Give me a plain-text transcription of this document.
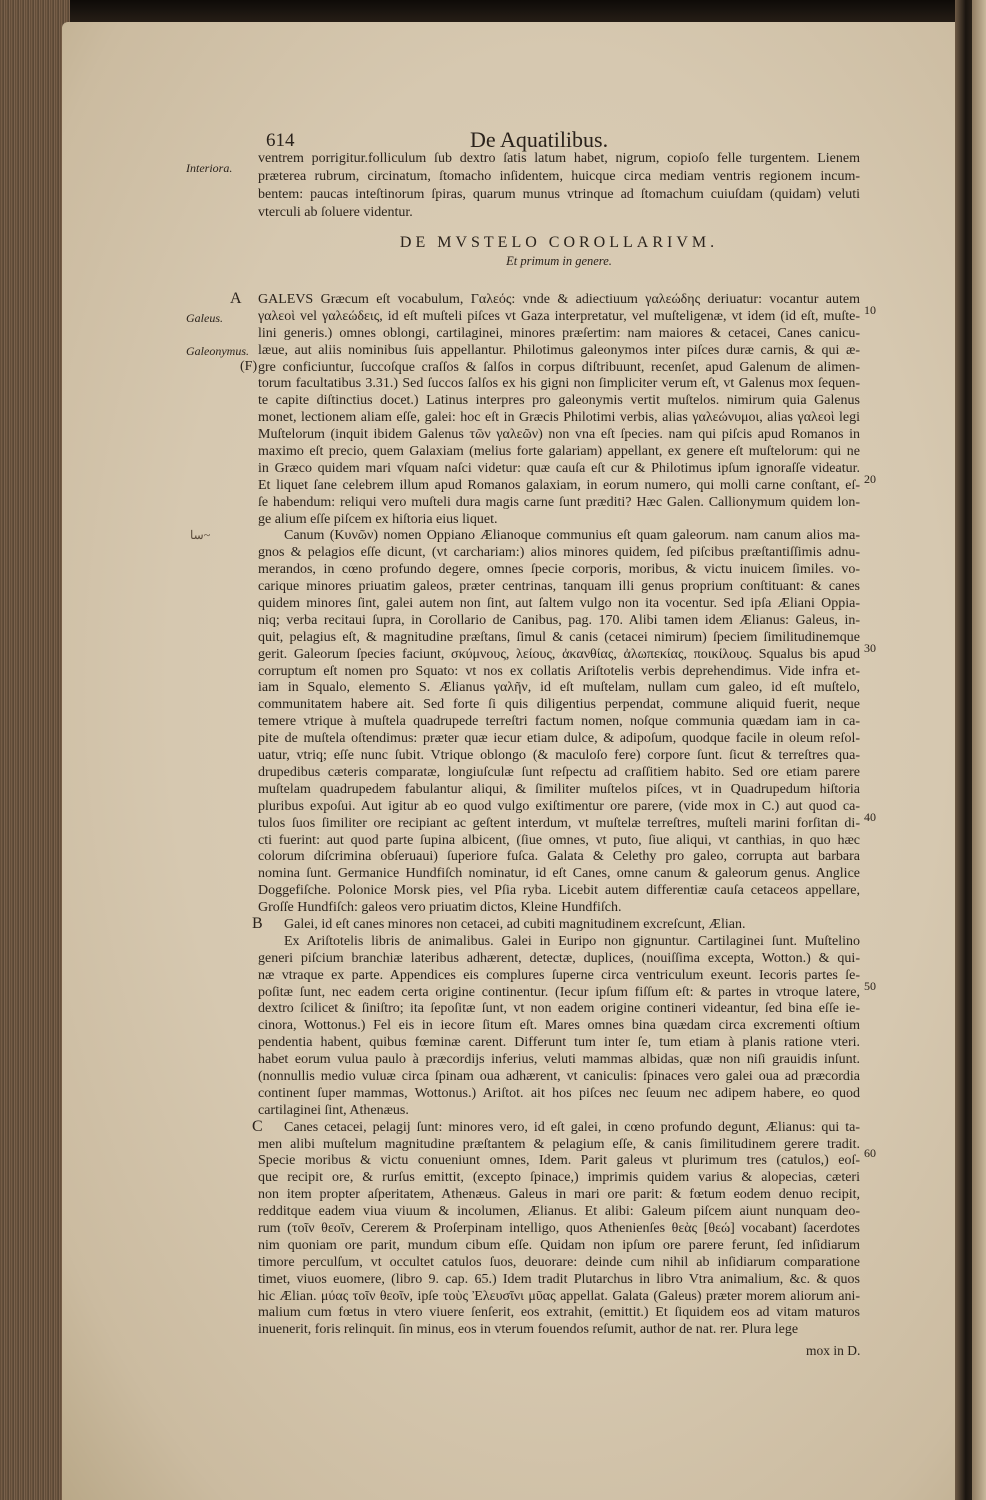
614	De Aquatilibus.
ventrem porrigitur.folliculum ſub dextro ſatis latum habet, nigrum, copioſo felle turgentem. Lienem
præterea rubrum, circinatum, ſtomacho inſidentem, huicque circa mediam ventris regionem incum-
bentem: paucas inteſtinorum ſpiras, quarum munus vtrinque ad ſtomachum cuiuſdam (quidam) veluti
vterculi ab ſoluere videntur.
DE MVSTELO COROLLARIVM.
Et primum in genere.
A GALEVS Græcum eſt vocabulum, Γαλεός: vnde & adiectiuum γαλεώδης deriuatur: vocantur autem
γαλεοὶ vel γαλεώδεις, id eſt muſteli piſces vt Gaza interpretatur, vel muſteligenæ, vt idem (id eſt, muſte-
lini generis.) omnes oblongi, cartilaginei, minores præſertim: nam maiores & cetacei, Canes canicu-
læue, aut aliis nominibus ſuis appellantur. Philotimus galeonymos inter piſces duræ carnis, & qui æ-
gre conficiuntur, ſuccoſque craſſos & ſalſos in corpus diſtribuunt, recenſet, apud Galenum de alimen-
torum facultatibus 3.31.) Sed ſuccos ſalſos ex his gigni non ſimpliciter verum eſt, vt Galenus mox ſequen-
te capite diſtinctius docet.) Latinus interpres pro galeonymis vertit muſtelos. nimirum quia Galenus
monet, lectionem aliam eſſe, galei: hoc eſt in Græcis Philotimi verbis, alias γαλεώνυμοι, alias γαλεοὶ legi
Muſtelorum (inquit ibidem Galenus τῶν γαλεῶν) non vna eſt ſpecies. nam qui piſcis apud Romanos in
maximo eſt precio, quem Galaxiam (melius forte galariam) appellant, ex genere eſt muſtelorum: qui ne
in Græco quidem mari vſquam naſci videtur: quæ cauſa eſt cur & Philotimus ipſum ignoraſſe videatur.
Et liquet ſane celebrem illum apud Romanos galaxiam, in eorum numero, qui molli carne conſtant, eſ-
ſe habendum: reliqui vero muſteli dura magis carne ſunt præditi? Hæc Galen. Callionymum quidem lon-
ge alium eſſe piſcem ex hiſtoria eius liquet.
Canum (Κυνῶν) nomen Oppiano Ælianoque communius eſt quam galeorum. nam canum alios ma-
gnos & pelagios eſſe dicunt, (vt carchariam:) alios minores quidem, ſed piſcibus præſtantiſſimis adnu-
merandos, in cœno profundo degere, omnes ſpecie corporis, moribus, & victu inuicem ſimiles. vo-
carique minores priuatim galeos, præter centrinas, tanquam illi genus proprium conſtituant: & canes
quidem minores ſint, galei autem non ſint, aut ſaltem vulgo non ita vocentur. Sed ipſa Æliani Oppia-
niq; verba recitaui ſupra, in Corollario de Canibus, pag. 170. Alibi tamen idem Ælianus: Galeus, in-
quit, pelagius eſt, & magnitudine præſtans, ſimul & canis (cetacei nimirum) ſpeciem ſimilitudinemque
gerit. Galeorum ſpecies faciunt, σκύμνους, λείους, ἀκανθίας, ἀλωπεκίας, ποικίλους. Squalus bis apud
corruptum eſt nomen pro Squato: vt nos ex collatis Ariſtotelis verbis deprehendimus. Vide infra et-
iam in Squalo, elemento S. Ælianus γαλῆν, id eſt muſtelam, nullam cum galeo, id eſt muſtelo,
communitatem habere ait. Sed forte ſi quis diligentius perpendat, commune aliquid fuerit, neque
temere vtrique à muſtela quadrupede terreſtri factum nomen, noſque communia quædam iam in ca-
pite de muſtela oſtendimus: præter quæ iecur etiam dulce, & adipoſum, quodque facile in oleum reſol-
uatur, vtriq; eſſe nunc ſubit. Vtrique oblongo (& maculoſo fere) corpore ſunt. ſicut & terreſtres qua-
drupedibus cæteris comparatæ, longiuſculæ ſunt reſpectu ad craſſitiem habito. Sed ore etiam parere
muſtelam quadrupedem fabulantur aliqui, & ſimiliter muſtelos piſces, vt in Quadrupedum hiſtoria
pluribus expoſui. Aut igitur ab eo quod vulgo exiſtimentur ore parere, (vide mox in C.) aut quod ca-
tulos ſuos ſimiliter ore recipiant ac geſtent interdum, vt muſtelæ terreſtres, muſteli marini forſitan di-
cti fuerint: aut quod parte ſupina albicent, (ſiue omnes, vt puto, ſiue aliqui, vt canthias, in quo hæc
colorum diſcrimina obſeruaui) ſuperiore fuſca. Galata & Celethy pro galeo, corrupta aut barbara
nomina ſunt. Germanice Hundfiſch nominatur, id eſt Canes, omne canum & galeorum genus. Anglice
Doggefiſche. Polonice Morsk pies, vel Pſia ryba. Licebit autem differentiæ cauſa cetaceos appellare,
Groſſe Hundfiſch: galeos vero priuatim dictos, Kleine Hundfiſch.
B	Galei, id eſt canes minores non cetacei, ad cubiti magnitudinem excreſcunt, Ælian.
Ex Ariſtotelis libris de animalibus. Galei in Euripo non gignuntur. Cartilaginei ſunt. Muſtelino
generi piſcium branchiæ lateribus adhærent, detectæ, duplices, (nouiſſima excepta, Wotton.) & qui-
næ vtraque ex parte. Appendices eis complures ſuperne circa ventriculum exeunt. Iecoris partes ſe-
poſitæ ſunt, nec eadem certa origine continentur. (Iecur ipſum fiſſum eſt: & partes in vtroque latere,
dextro ſcilicet & ſiniſtro; ita ſepoſitæ ſunt, vt non eadem origine contineri videantur, ſed bina eſſe ie-
cinora, Wottonus.) Fel eis in iecore ſitum eſt. Mares omnes bina quædam circa excrementi oſtium
pendentia habent, quibus fœminæ carent. Differunt tum inter ſe, tum etiam à planis ratione vteri.
habet eorum vulua paulo à præcordijs inferius, veluti mammas albidas, quæ non niſi grauidis inſunt.
(nonnullis medio vuluæ circa ſpinam oua adhærent, vt caniculis: ſpinaces vero galei oua ad præcordia
continent ſuper mammas, Wottonus.) Ariſtot. ait hos piſces nec ſeuum nec adipem habere, eo quod
cartilaginei ſint, Athenæus.
C	Canes cetacei, pelagij ſunt: minores vero, id eſt galei, in cœno profundo degunt, Ælianus: qui ta-
men alibi muſtelum magnitudine præſtantem & pelagium eſſe, & canis ſimilitudinem gerere tradit.
Specie moribus & victu conueniunt omnes, Idem. Parit galeus vt plurimum tres (catulos,) eoſ-
que recipit ore, & rurſus emittit, (excepto ſpinace,) imprimis quidem varius & alopecias, cæteri
non item propter aſperitatem, Athenæus. Galeus in mari ore parit: & fœtum eodem denuo recipit,
redditque eadem viua viuum & incolumen, Ælianus. Et alibi: Galeum piſcem aiunt nunquam deo-
rum (τοῖν θεοῖν, Cererem & Proſerpinam intelligo, quos Athenienſes θεὰς [θεώ] vocabant) ſacerdotes
nim quoniam ore parit, mundum cibum eſſe. Quidam non ipſum ore parere ferunt, ſed inſidiarum
timore perculſum, vt occultet catulos ſuos, deuorare: deinde cum nihil ab inſidiarum comparatione
timet, viuos euomere, (libro 9. cap. 65.) Idem tradit Plutarchus in libro Vtra animalium, &c. & quos
hic Ælian. μύας τοῖν θεοῖν, ipſe τοὺς Ἐλευσῖνι μῦας appellat. Galata (Galeus) præter morem aliorum ani-
malium cum fœtus in vtero viuere ſenſerit, eos extrahit, (emittit.) Et ſiquidem eos ad vitam maturos
inuenerit, foris relinquit. ſin minus, eos in vterum fouendos reſumit, author de nat. rer. Plura lege
Interiora.
Galeus.
Galeonymus.
(F)
ﺳﺎ~
10
20
30
40
50
60
mox in D.
